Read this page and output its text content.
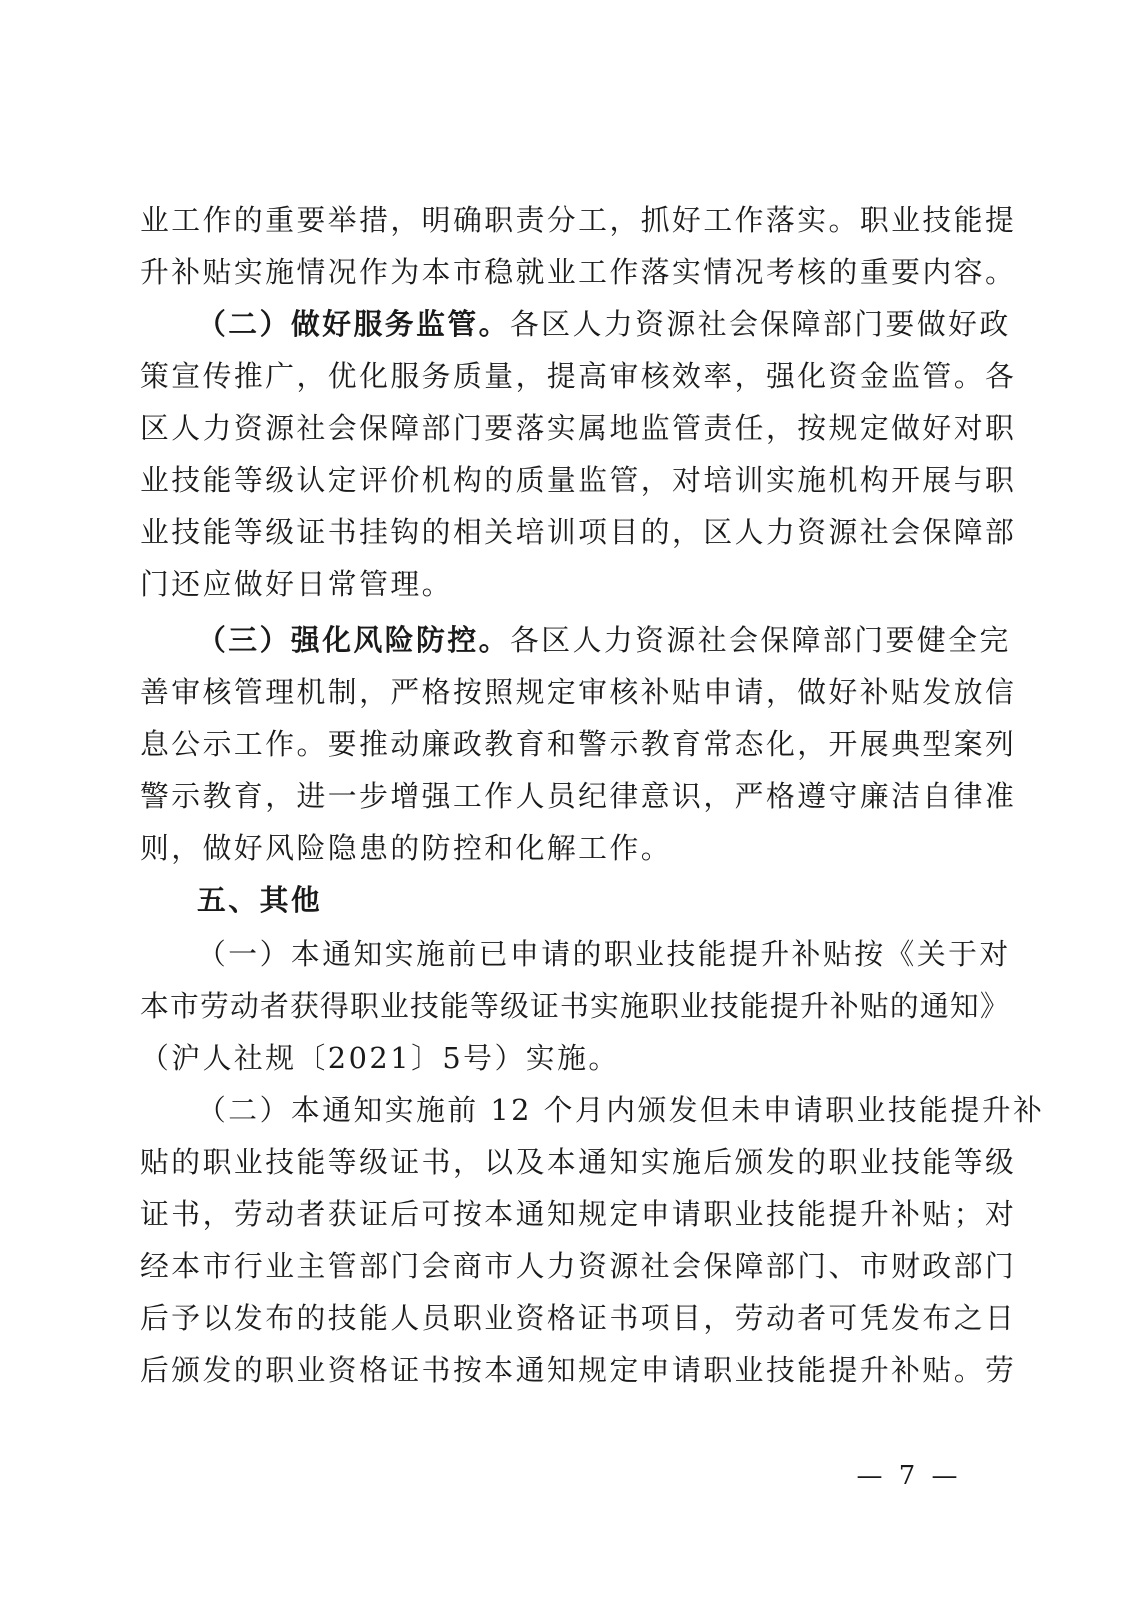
业工作的重要举措，明确职责分工，抓好工作落实。职业技能提
升补贴实施情况作为本市稳就业工作落实情况考核的重要内容。
（二）做好服务监管。各区人力资源社会保障部门要做好政
策宣传推广，优化服务质量，提高审核效率，强化资金监管。各
区人力资源社会保障部门要落实属地监管责任，按规定做好对职
业技能等级认定评价机构的质量监管，对培训实施机构开展与职
业技能等级证书挂钩的相关培训项目的，区人力资源社会保障部
门还应做好日常管理。
（三）强化风险防控。各区人力资源社会保障部门要健全完
善审核管理机制，严格按照规定审核补贴申请，做好补贴发放信
息公示工作。要推动廉政教育和警示教育常态化，开展典型案列
警示教育，进一步增强工作人员纪律意识，严格遵守廉洁自律准
则，做好风险隐患的防控和化解工作。
五、其他
（一）本通知实施前已申请的职业技能提升补贴按《关于对
本市劳动者获得职业技能等级证书实施职业技能提升补贴的通知》
（沪人社规〔2021〕5号）实施。
（二）本通知实施前 12 个月内颁发但未申请职业技能提升补
贴的职业技能等级证书，以及本通知实施后颁发的职业技能等级
证书，劳动者获证后可按本通知规定申请职业技能提升补贴；对
经本市行业主管部门会商市人力资源社会保障部门、市财政部门
后予以发布的技能人员职业资格证书项目，劳动者可凭发布之日
后颁发的职业资格证书按本通知规定申请职业技能提升补贴。劳
— 7 —
